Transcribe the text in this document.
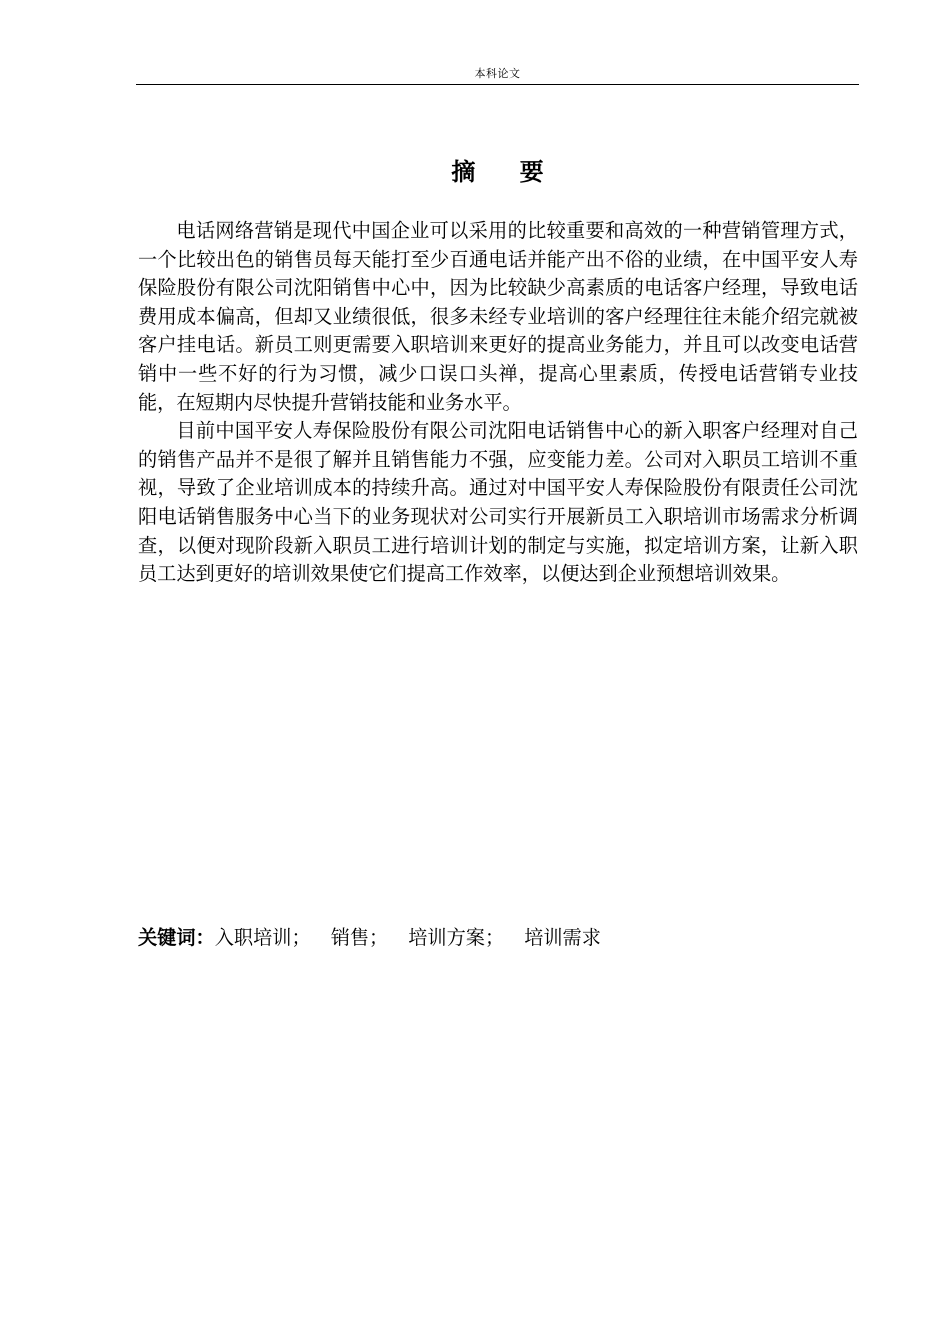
本科论文
摘 要

电话网络营销是现代中国企业可以采用的比较重要和高效的一种营销管理方式，一个比较出色的销售员每天能打至少百通电话并能产出不俗的业绩，在中国平安人寿保险股份有限公司沈阳销售中心中，因为比较缺少高素质的电话客户经理，导致电话费用成本偏高，但却又业绩很低，很多未经专业培训的客户经理往往未能介绍完就被客户挂电话。新员工则更需要入职培训来更好的提高业务能力，并且可以改变电话营销中一些不好的行为习惯，减少口误口头禅，提高心里素质，传授电话营销专业技能，在短期内尽快提升营销技能和业务水平。

目前中国平安人寿保险股份有限公司沈阳电话销售中心的新入职客户经理对自己的销售产品并不是很了解并且销售能力不强，应变能力差。公司对入职员工培训不重视，导致了企业培训成本的持续升高。通过对中国平安人寿保险股份有限责任公司沈阳电话销售服务中心当下的业务现状对公司实行开展新员工入职培训市场需求分析调查，以便对现阶段新入职员工进行培训计划的制定与实施，拟定培训方案，让新入职员工达到更好的培训效果使它们提高工作效率，以便达到企业预想培训效果。

关键词：入职培训； 销售； 培训方案； 培训需求
